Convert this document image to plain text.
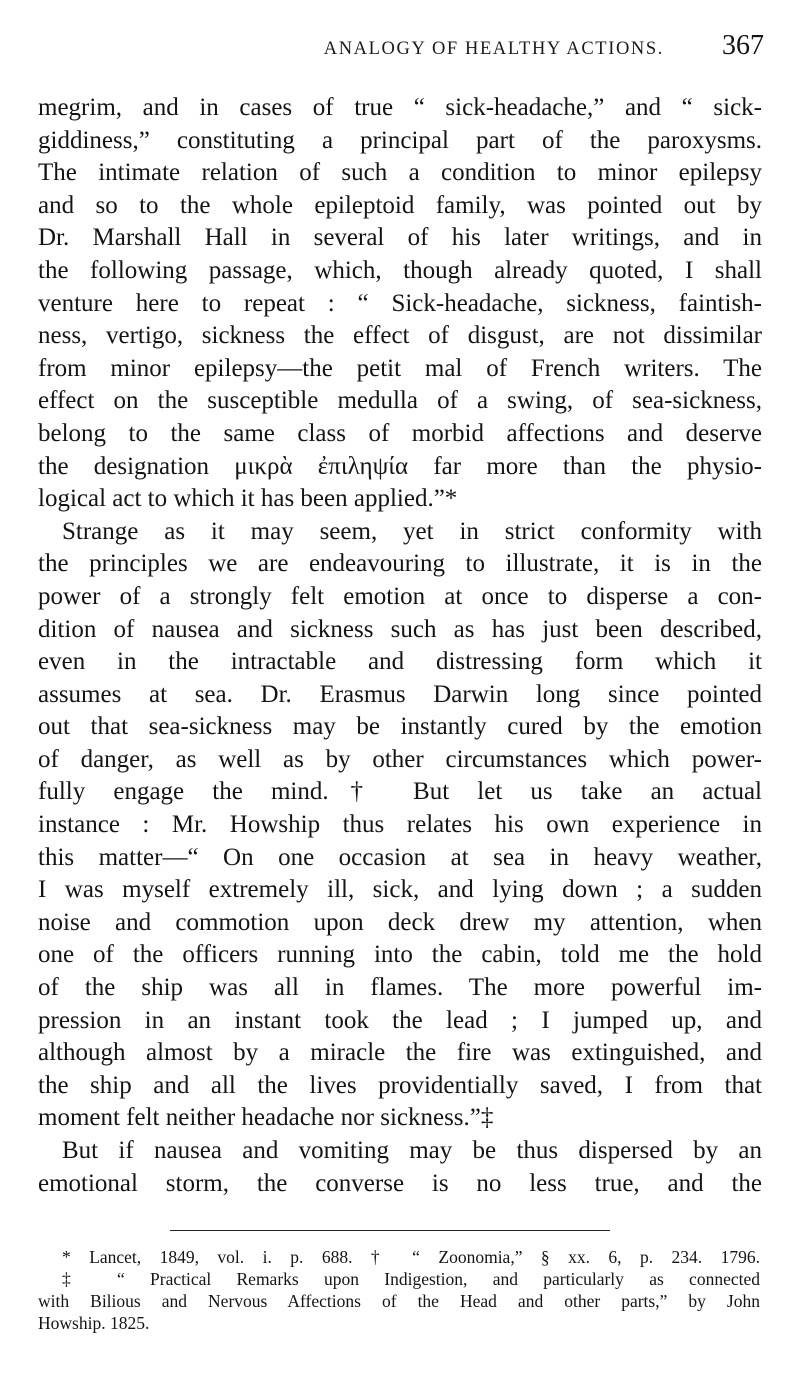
ANALOGY OF HEALTHY ACTIONS. 367
megrim, and in cases of true “ sick-headache,” and “ sick-
giddiness,” constituting a principal part of the paroxysms.
The intimate relation of such a condition to minor epilepsy
and so to the whole epileptoid family, was pointed out by
Dr. Marshall Hall in several of his later writings, and in
the following passage, which, though already quoted, I shall
venture here to repeat : “ Sick-headache, sickness, faintish-
ness, vertigo, sickness the effect of disgust, are not dissimilar
from minor epilepsy—the petit mal of French writers. The
effect on the susceptible medulla of a swing, of sea-sickness,
belong to the same class of morbid affections and deserve
the designation μικρὰ ἐπιληψία far more than the physio-
logical act to which it has been applied.”*
Strange as it may seem, yet in strict conformity with
the principles we are endeavouring to illustrate, it is in the
power of a strongly felt emotion at once to disperse a con-
dition of nausea and sickness such as has just been described,
even in the intractable and distressing form which it
assumes at sea. Dr. Erasmus Darwin long since pointed
out that sea-sickness may be instantly cured by the emotion
of danger, as well as by other circumstances which power-
fully engage the mind.† But let us take an actual
instance : Mr. Howship thus relates his own experience in
this matter—“ On one occasion at sea in heavy weather,
I was myself extremely ill, sick, and lying down ; a sudden
noise and commotion upon deck drew my attention, when
one of the officers running into the cabin, told me the hold
of the ship was all in flames. The more powerful im-
pression in an instant took the lead ; I jumped up, and
although almost by a miracle the fire was extinguished, and
the ship and all the lives providentially saved, I from that
moment felt neither headache nor sickness.”‡
But if nausea and vomiting may be thus dispersed by an
emotional storm, the converse is no less true, and the
* Lancet, 1849, vol. i. p. 688. † “ Zoonomia,” § xx. 6, p. 234. 1796.
‡ “ Practical Remarks upon Indigestion, and particularly as connected
with Bilious and Nervous Affections of the Head and other parts,” by John
Howship. 1825.
